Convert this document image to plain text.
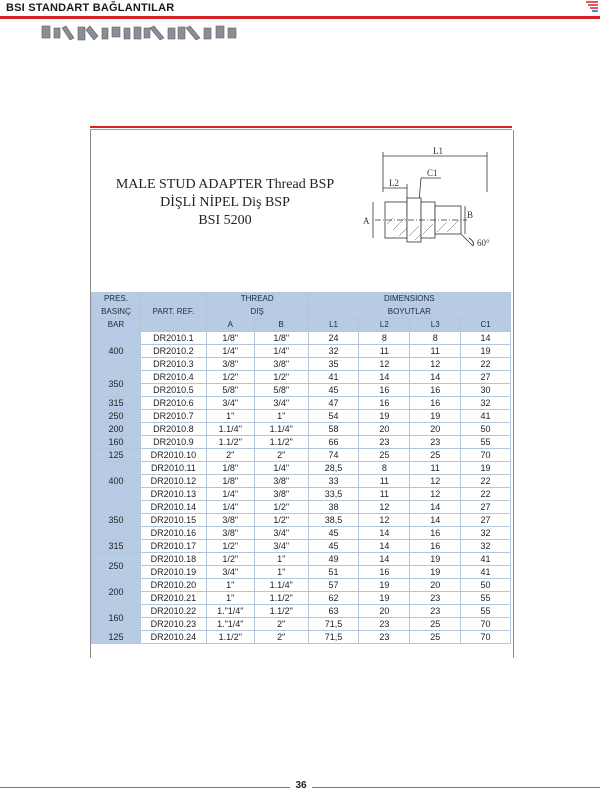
BSI STANDART BAĞLANTILAR
MALE STUD ADAPTER Thread BSP
DİŞLİ NİPEL Diş BSP
BSI 5200
L1
L2
C1
A
B
60°
PRES.	PART. REF.	THREAD		DIMENSIONS			
BASINÇ		DİŞ		BOYUTLAR			
BAR		A	B	L1	L2	L3	C1
400	DR2010.1	1/8"	1/8"	24	8	8	14
	DR2010.2	1/4"	1/4"	32	11	11	19
	DR2010.3	3/8"	3/8"	35	12	12	22
350	DR2010.4	1/2"	1/2"	41	14	14	27
	DR2010.5	5/8"	5/8"	45	16	16	30
315	DR2010.6	3/4"	3/4"	47	16	16	32
250	DR2010.7	1"	1"	54	19	19	41
200	DR2010.8	1.1/4"	1.1/4"	58	20	20	50
160	DR2010.9	1.1/2"	1.1/2"	66	23	23	55
125	DR2010.10	2"	2"	74	25	25	70
400	DR2010.11	1/8"	1/4"	28,5	8	11	19
	DR2010.12	1/8"	3/8"	33	11	12	22
	DR2010.13	1/4"	3/8"	33,5	11	12	22
350	DR2010.14	1/4"	1/2"	38	12	14	27
	DR2010.15	3/8"	1/2"	38,5	12	14	27
	DR2010.16	3/8"	3/4"	45	14	16	32
315	DR2010.17	1/2"	3/4"	45	14	16	32
250	DR2010.18	1/2"	1"	49	14	19	41
	DR2010.19	3/4"	1"	51	16	19	41
200	DR2010.20	1"	1.1/4"	57	19	20	50
	DR2010.21	1"	1.1/2"	62	19	23	55
160	DR2010.22	1."1/4"	1.1/2"	63	20	23	55
	DR2010.23	1."1/4"	2"	71,5	23	25	70
125	DR2010.24	1.1/2"	2"	71,5	23	25	70
36
